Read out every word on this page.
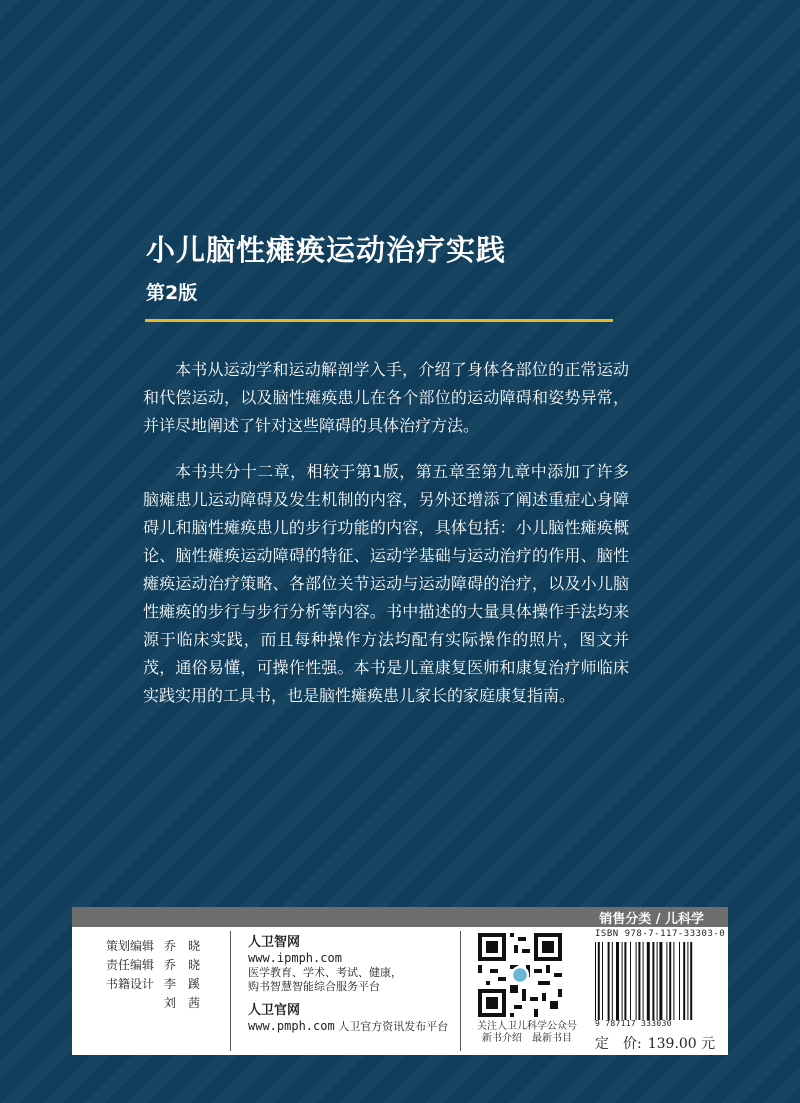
小儿脑性瘫痪运动治疗实践
第2版

本书从运动学和运动解剖学入手，介绍了身体各部位的正常运动和代偿运动，以及脑性瘫痪患儿在各个部位的运动障碍和姿势异常，并详尽地阐述了针对这些障碍的具体治疗方法。

本书共分十二章，相较于第1版，第五章至第九章中添加了许多脑瘫患儿运动障碍及发生机制的内容，另外还增添了阐述重症心身障碍儿和脑性瘫痪患儿的步行功能的内容，具体包括：小儿脑性瘫痪概论、脑性瘫痪运动障碍的特征、运动学基础与运动治疗的作用、脑性瘫痪运动治疗策略、各部位关节运动与运动障碍的治疗，以及小儿脑性瘫痪的步行与步行分析等内容。书中描述的大量具体操作手法均来源于临床实践，而且每种操作方法均配有实际操作的照片，图文并茂，通俗易懂，可操作性强。本书是儿童康复医师和康复治疗师临床实践实用的工具书，也是脑性瘫痪患儿家长的家庭康复指南。

销售分类 / 儿科学
策划编辑 乔　晓
责任编辑 乔　晓
书籍设计 李　蹊
刘　茜
人卫智网
www.ipmph.com
医学教育、学术、考试、健康，
购书智慧智能综合服务平台
人卫官网
www.pmph.com 人卫官方资讯发布平台	关注人卫儿科学公众号
新书介绍　最新书目
ISBN 978-7-117-33303-0
9 787117 333030
定　价: 139.00 元
